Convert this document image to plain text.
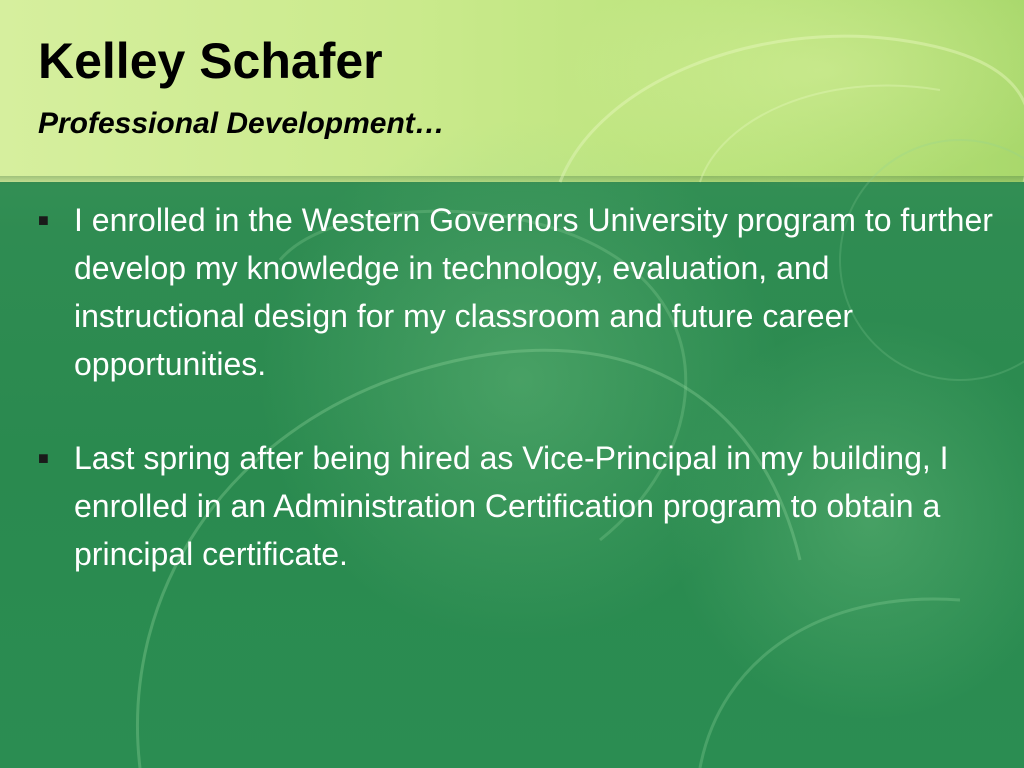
Kelley Schafer
Professional Development…
■ I enrolled in the Western Governors University program to further develop my knowledge in technology, evaluation, and instructional design for my classroom and future career opportunities.
■ Last spring after being hired as Vice-Principal in my building, I enrolled in an Administration Certification program to obtain a principal certificate.
